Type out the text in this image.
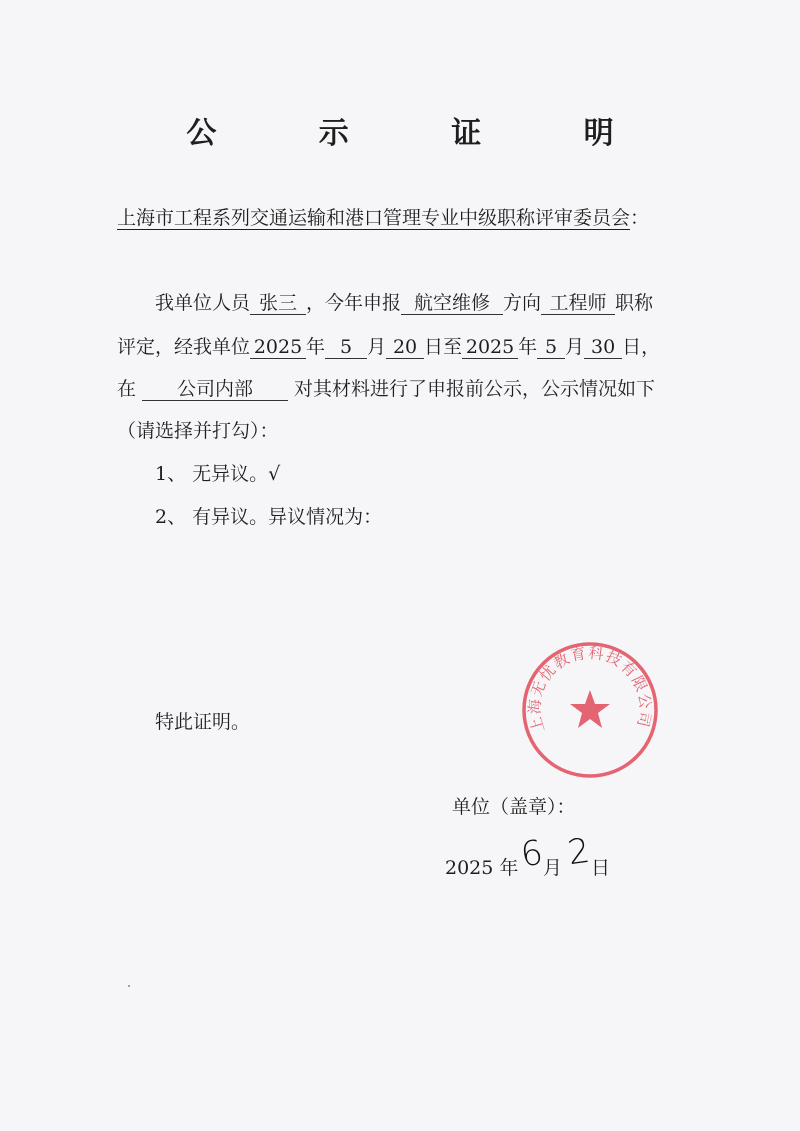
公 示 证 明
上海市工程系列交通运输和港口管理专业中级职称评审委员会：
我单位人员 张三 ，今年申报 航空维修 方向 工程师 职称
评定，经我单位 2025 年 5 月 20 日至 2025 年 5 月 30 日，
在 公司内部 对其材料进行了申报前公示，公示情况如下
（请选择并打勾）：
1、 无异议。√
2、 有异议。异议情况为：
特此证明。	上海无忧教育科技有限公司
单位（盖章）：
2025 年 6
月 2
日
